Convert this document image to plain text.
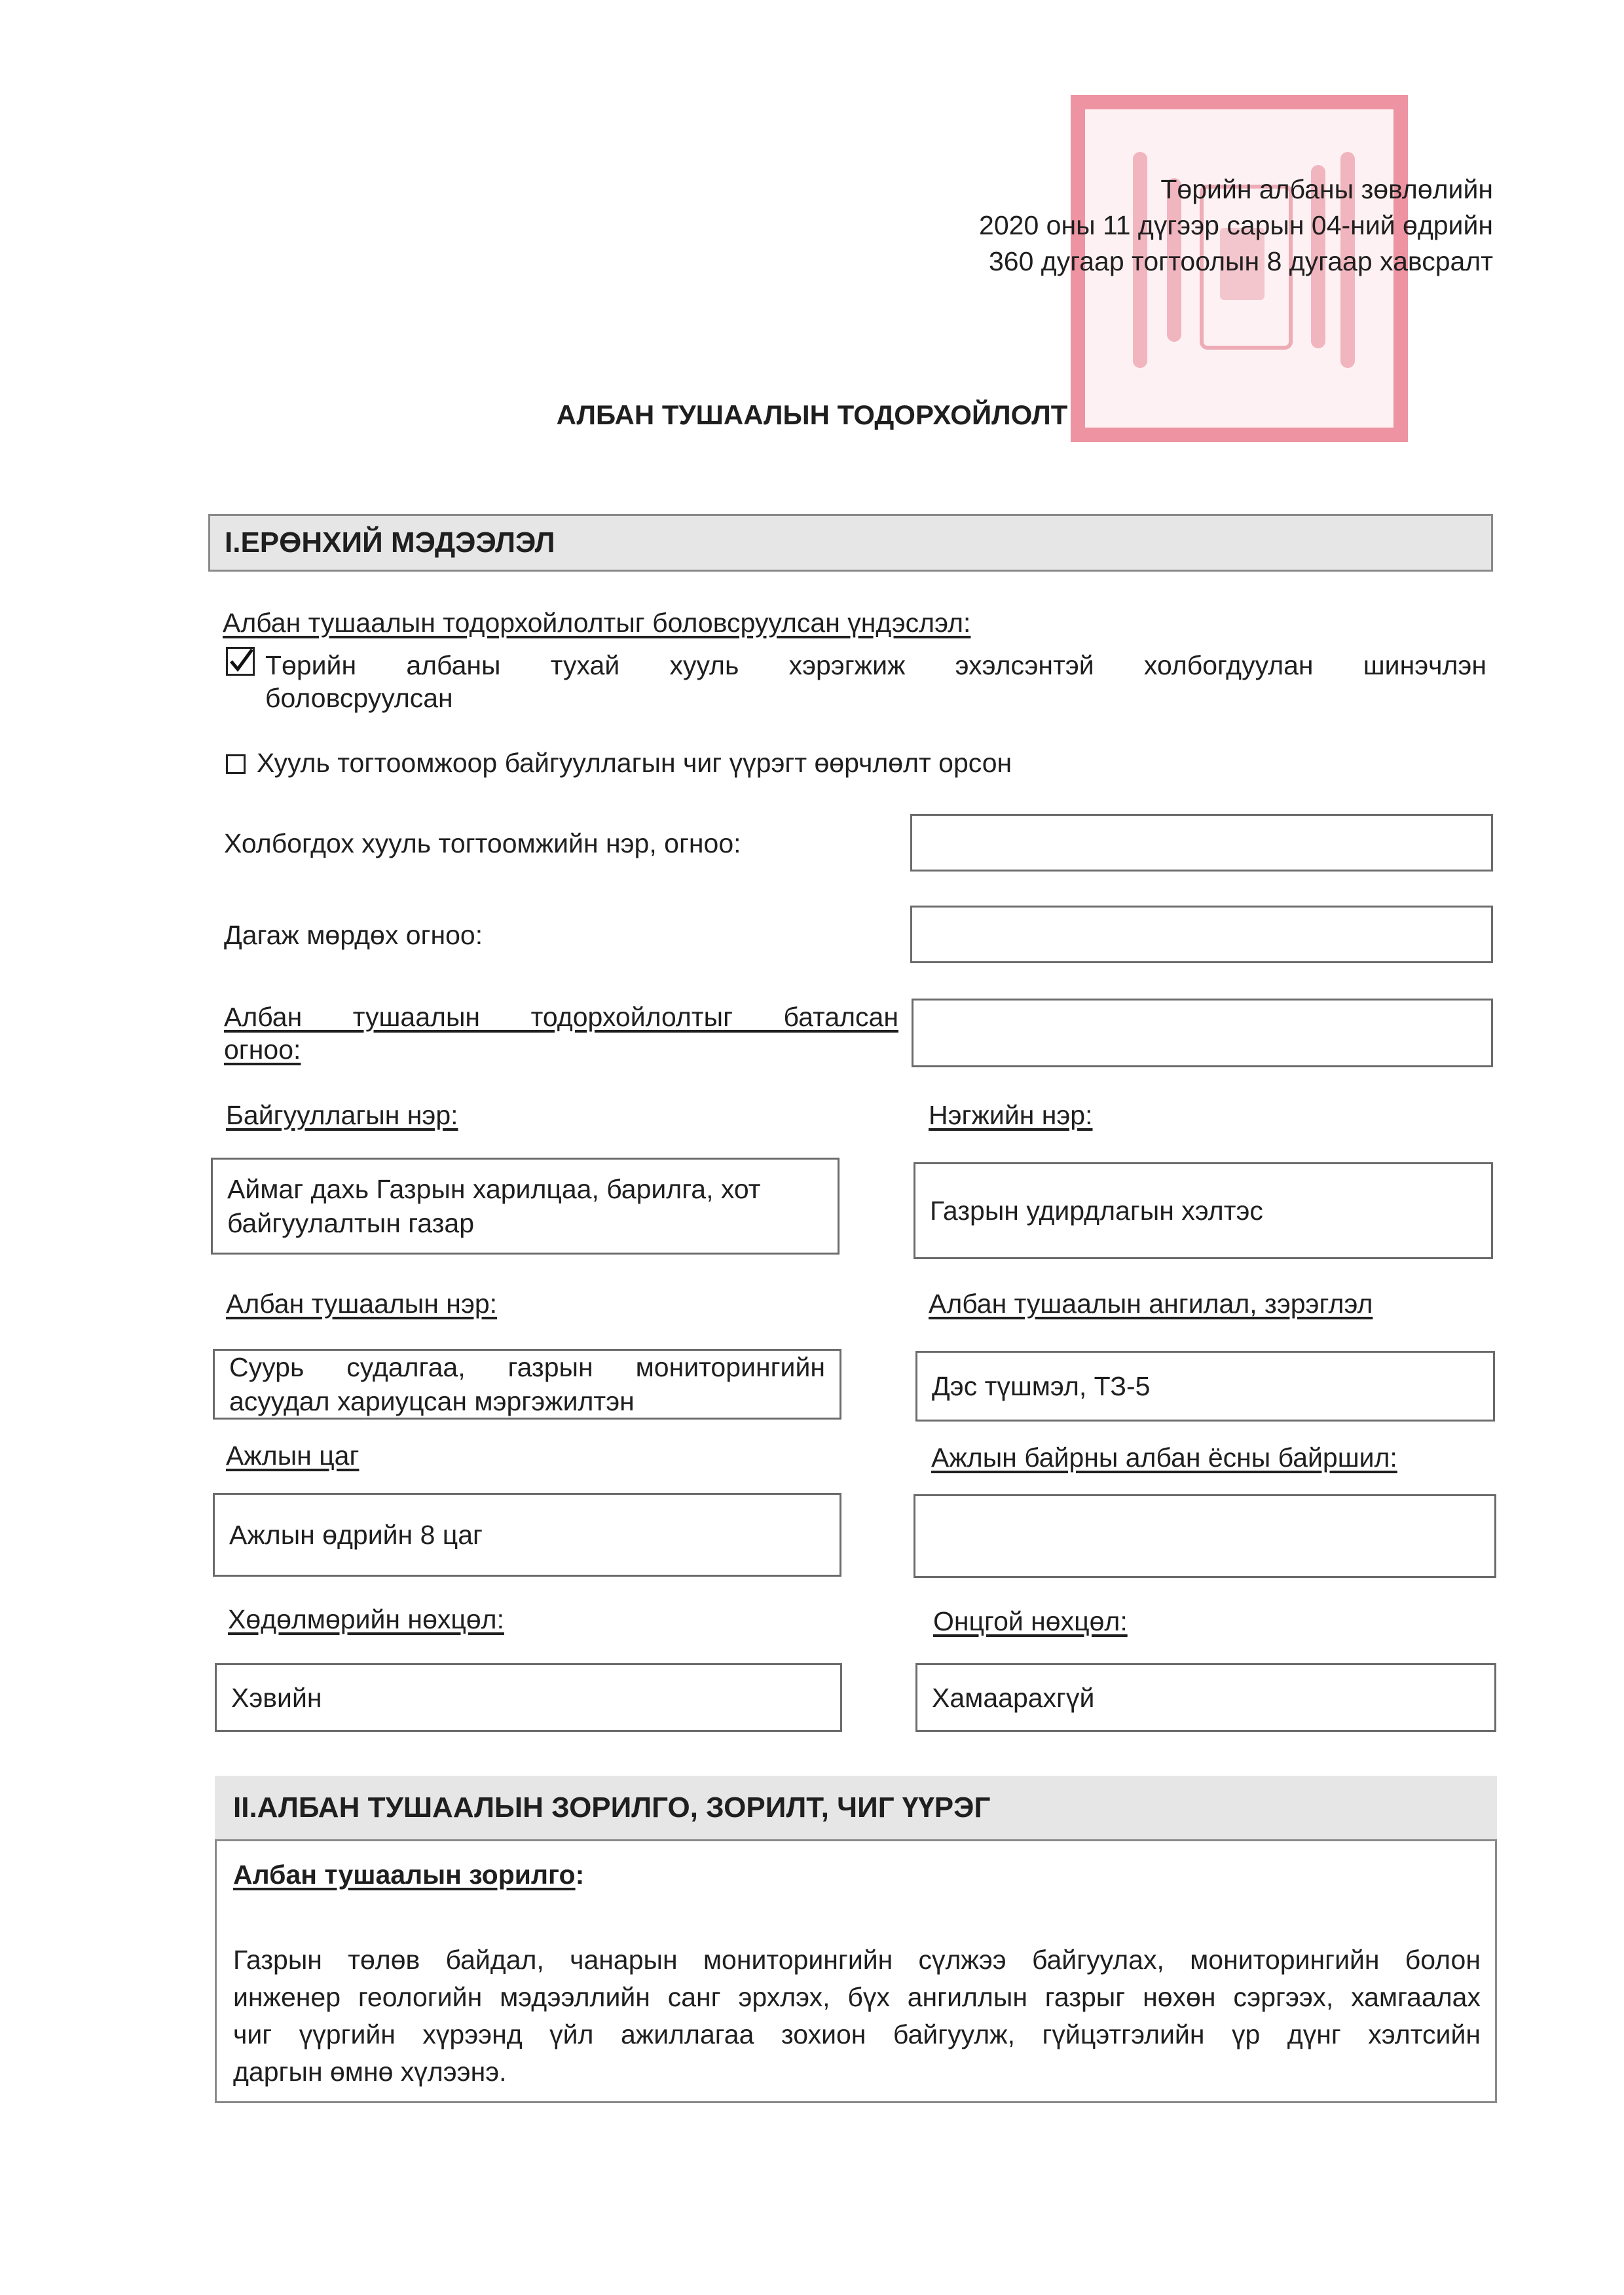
Төрийн албаны зөвлөлийн
2020 оны 11 дүгээр сарын 04-ний өдрийн
360 дугаар тогтоолын 8 дугаар хавсралт
АЛБАН ТУШААЛЫН ТОДОРХОЙЛОЛТ
I.ЕРӨНХИЙ МЭДЭЭЛЭЛ
Албан тушаалын тодорхойлолтыг боловсруулсан үндэслэл:
Төрийн албаны тухай хууль хэрэгжиж эхэлсэнтэй холбогдуулан шинэчлэн
боловсруулсан
Хууль тогтоомжоор байгууллагын чиг үүрэгт өөрчлөлт орсон
Холбогдох хууль тогтоомжийн нэр, огноо:
Дагаж мөрдөх огноо:
Албан тушаалын тодорхойлолтыг баталсан
огноо:
Байгууллагын нэр:	Нэгжийн нэр:
Аймаг дахь Газрын харилцаа, барилга, хот байгуулалтын газар	Газрын удирдлагын хэлтэс
Албан тушаалын нэр:	Албан тушаалын ангилал, зэрэглэл
Суурь судалгаа, газрын мониторингийн асуудал хариуцсан мэргэжилтэн	Дэс түшмэл, ТЗ-5
Ажлын цаг	Ажлын байрны албан ёсны байршил:
Ажлын өдрийн 8 цаг
Хөдөлмөрийн нөхцөл:	Онцгой нөхцөл:
Хэвийн	Хамаарахгүй
II.АЛБАН ТУШААЛЫН ЗОРИЛГО, ЗОРИЛТ, ЧИГ ҮҮРЭГ
Албан тушаалын зорилго:
Газрын төлөв байдал, чанарын мониторингийн сүлжээ байгуулах, мониторингийн болон
инженер геологийн мэдээллийн санг эрхлэх, бүх ангиллын газрыг нөхөн сэргээх, хамгаалах
чиг үүргийн хүрээнд үйл ажиллагаа зохион байгуулж, гүйцэтгэлийн үр дүнг хэлтсийн
даргын өмнө хүлээнэ.
